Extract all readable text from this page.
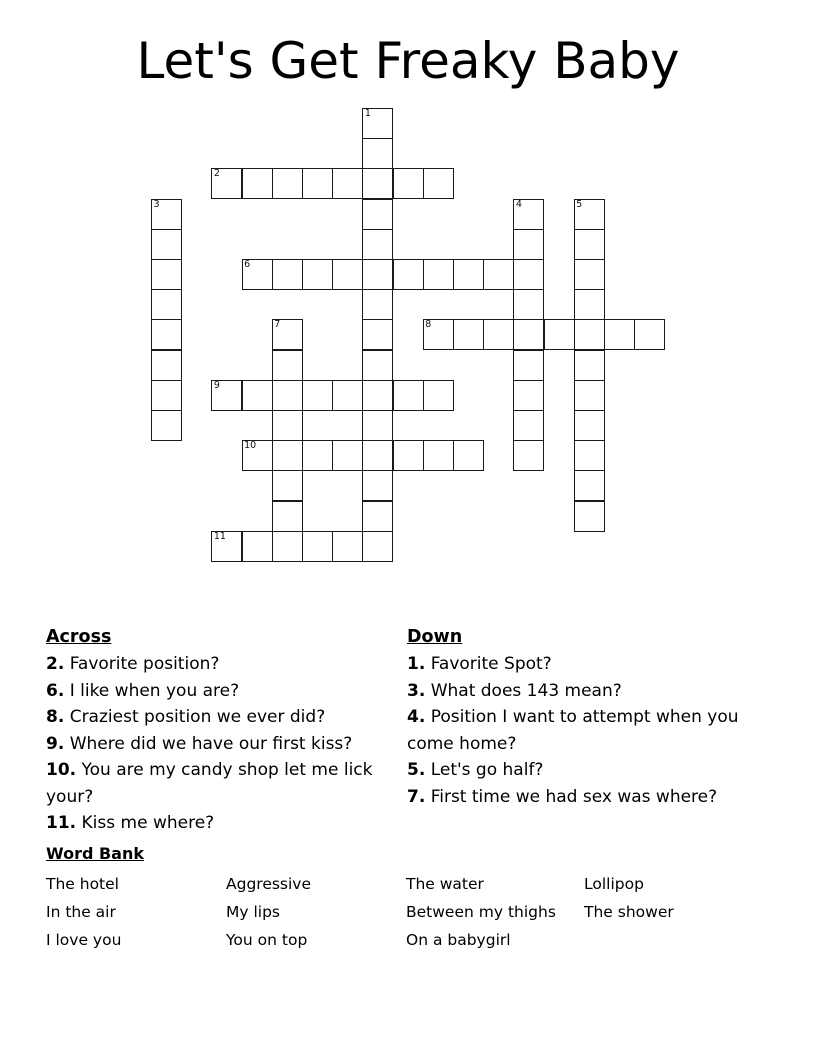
Let's Get Freaky Baby
1
2
3	4	5
6
7	8
9
10
11
Across
2. Favorite position?
6. I like when you are?
8. Craziest position we ever did?
9. Where did we have our first kiss?
10. You are my candy shop let me lick your?
11. Kiss me where?
Down
1. Favorite Spot?
3. What does 143 mean?
4. Position I want to attempt when you come home?
5. Let's go half?
7. First time we had sex was where?
Word Bank
The hotel	Aggressive	The water	Lollipop
In the air	My lips	Between my thighs	The shower
I love you	You on top	On a babygirl	
